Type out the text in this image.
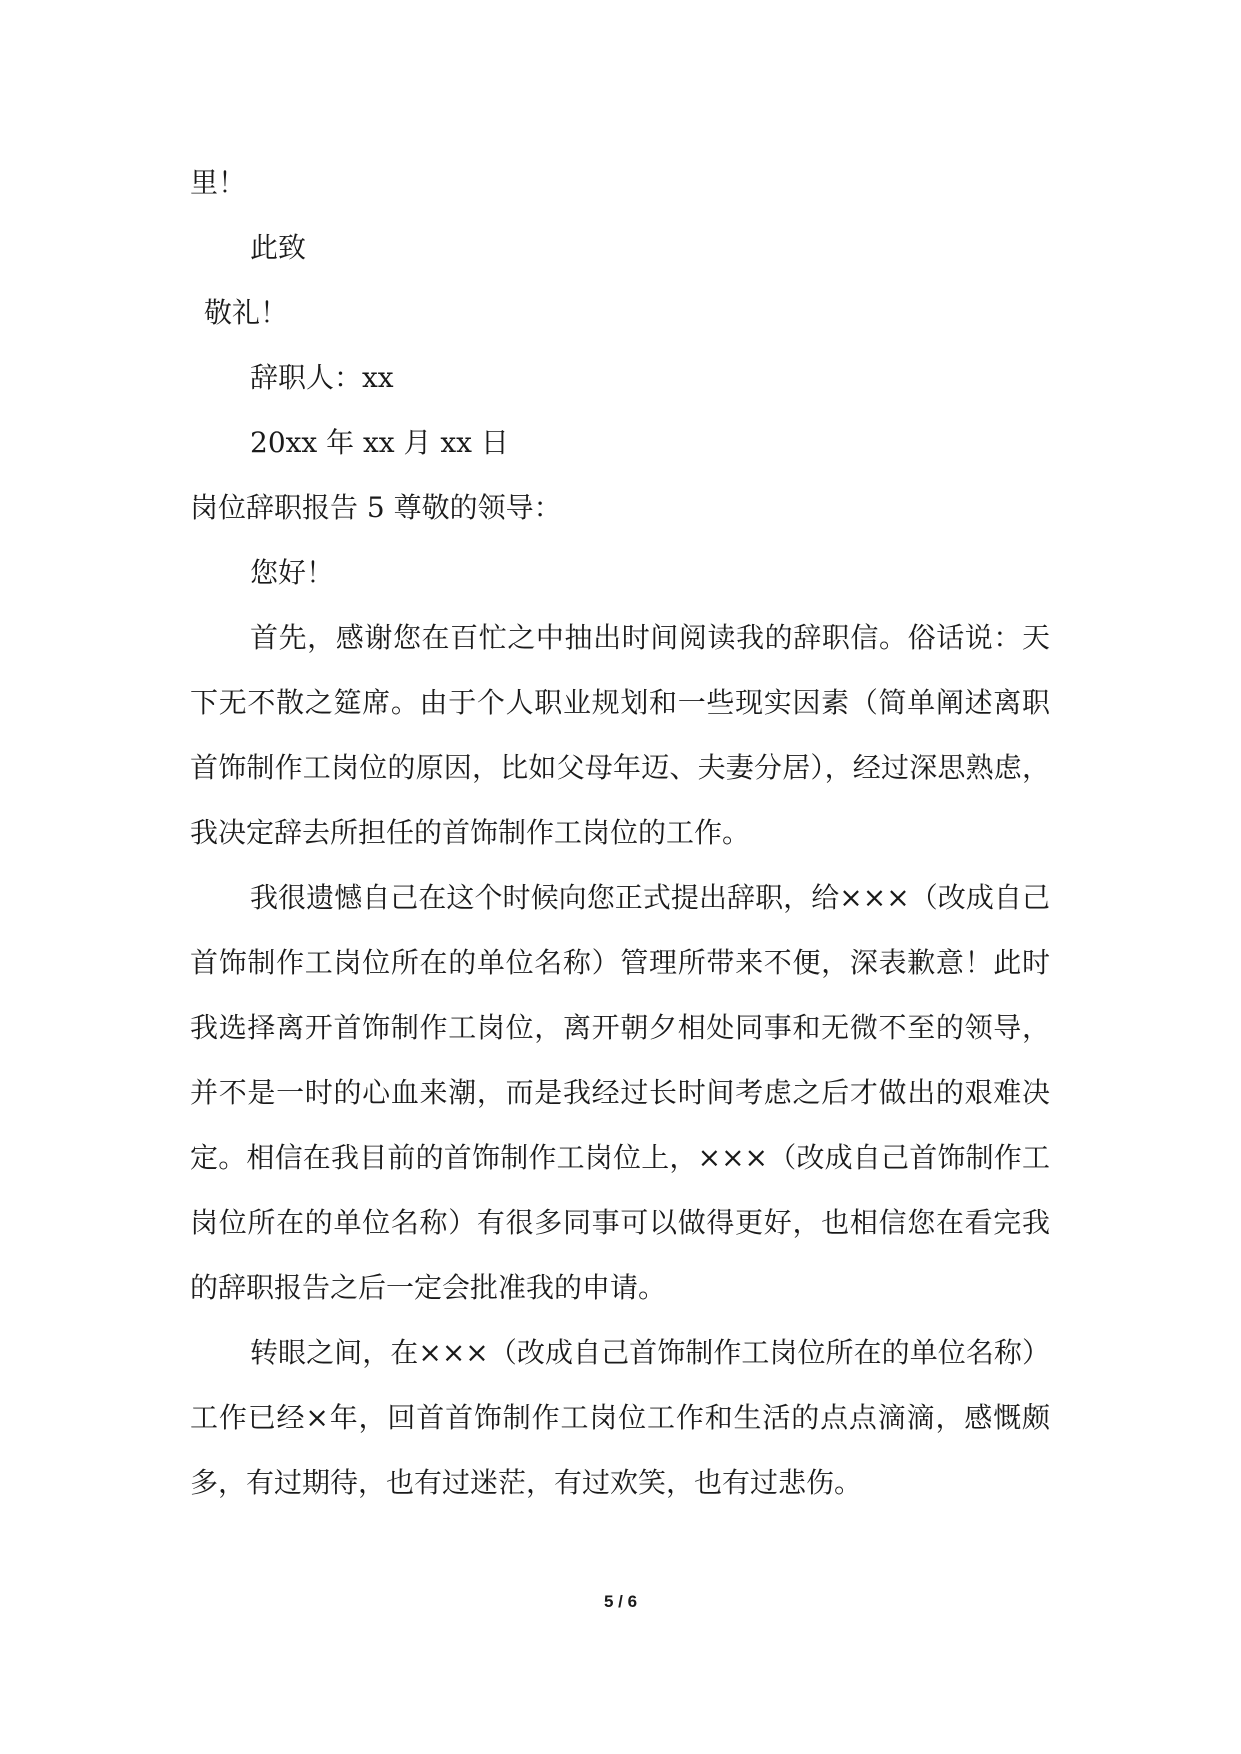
里！

此致

敬礼！

辞职人：xx

20xx 年 xx 月 xx 日

岗位辞职报告 5 尊敬的领导：

您好！

首先，感谢您在百忙之中抽出时间阅读我的辞职信。俗话说：天下无不散之筵席。由于个人职业规划和一些现实因素（简单阐述离职首饰制作工岗位的原因，比如父母年迈、夫妻分居），经过深思熟虑，我决定辞去所担任的首饰制作工岗位的工作。

我很遗憾自己在这个时候向您正式提出辞职，给×××（改成自己首饰制作工岗位所在的单位名称）管理所带来不便，深表歉意！此时我选择离开首饰制作工岗位，离开朝夕相处同事和无微不至的领导，并不是一时的心血来潮，而是我经过长时间考虑之后才做出的艰难决定。相信在我目前的首饰制作工岗位上，×××（改成自己首饰制作工岗位所在的单位名称）有很多同事可以做得更好，也相信您在看完我的辞职报告之后一定会批准我的申请。

转眼之间，在×××（改成自己首饰制作工岗位所在的单位名称）工作已经×年，回首首饰制作工岗位工作和生活的点点滴滴，感慨颇多，有过期待，也有过迷茫，有过欢笑，也有过悲伤。

5 / 6
